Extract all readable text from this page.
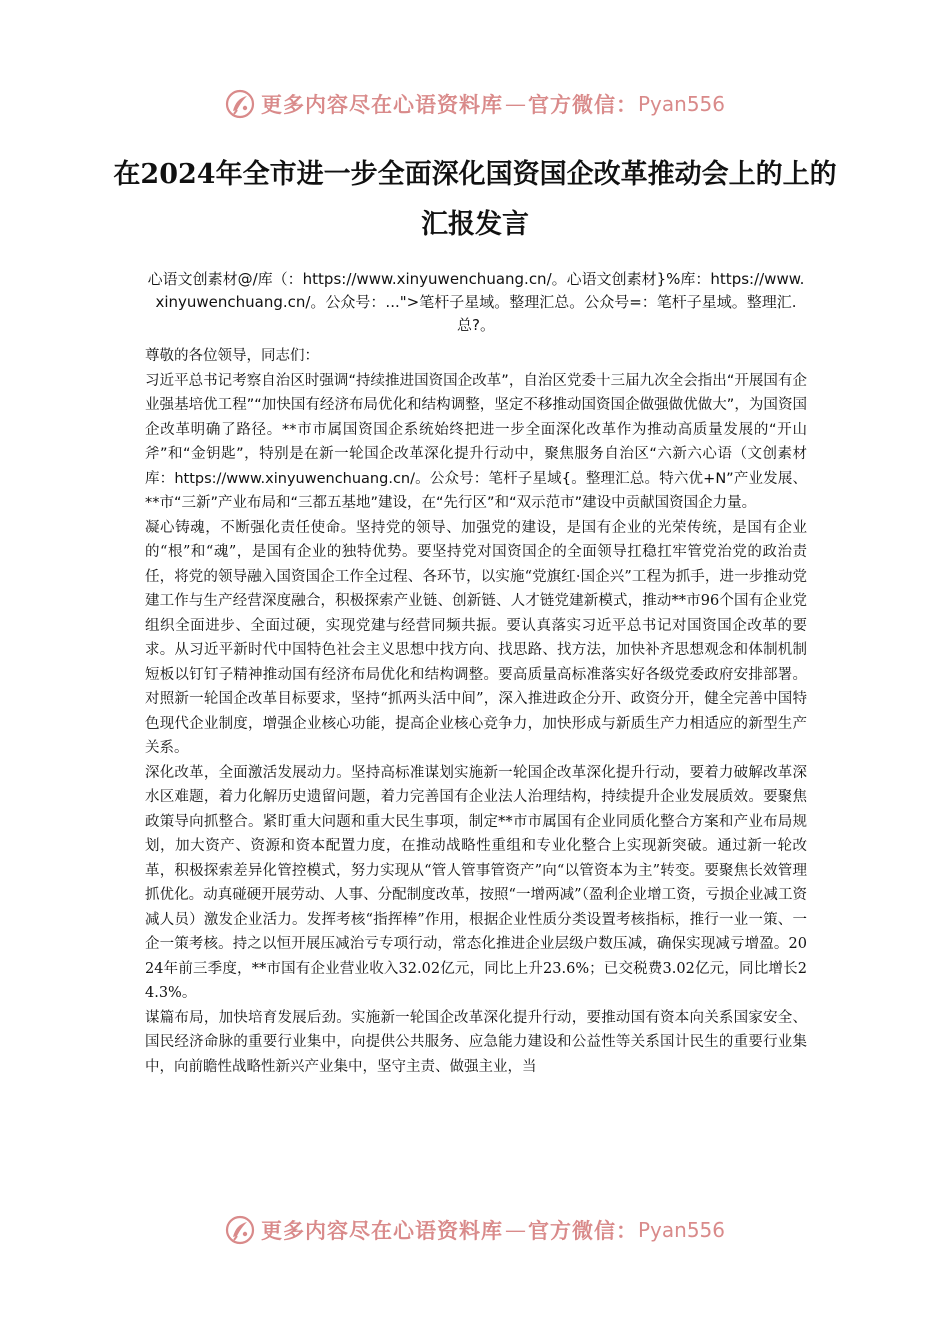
更多内容尽在心语资料库 — 官方微信： Pyan556
在2024年全市进一步全面深化国资国企改革推动会上的上的汇报发言
心语文创素材@/库（：https://www.xinyuwenchuang.cn/。心语文创素材}%库：https://www.xinyuwenchuang.cn/。公众号：...">笔杆子星域。整理汇总。公众号=：笔杆子星域。整理汇.总?。

尊敬的各位领导，同志们：

习近平总书记考察自治区时强调“持续推进国资国企改革”，自治区党委十三届九次全会指出“开展国有企业强基培优工程”“加快国有经济布局优化和结构调整，坚定不移推动国资国企做强做优做大”，为国资国企改革明确了路径。**市市属国资国企系统始终把进一步全面深化改革作为推动高质量发展的“开山斧”和“金钥匙”，特别是在新一轮国企改革深化提升行动中，聚焦服务自治区“六新六心语（文创素材库：https://www.xinyuwenchuang.cn/。公众号：笔杆子星域{。整理汇总。特六优+N”产业发展、**市“三新”产业布局和“三都五基地”建设，在“先行区”和“双示范市”建设中贡献国资国企力量。

凝心铸魂，不断强化责任使命。坚持党的领导、加强党的建设，是国有企业的光荣传统，是国有企业的“根”和“魂”，是国有企业的独特优势。要坚持党对国资国企的全面领导扛稳扛牢管党治党的政治责任，将党的领导融入国资国企工作全过程、各环节，以实施“党旗红·国企兴”工程为抓手，进一步推动党建工作与生产经营深度融合，积极探索产业链、创新链、人才链党建新模式，推动**市96个国有企业党组织全面进步、全面过硬，实现党建与经营同频共振。要认真落实习近平总书记对国资国企改革的要求。从习近平新时代中国特色社会主义思想中找方向、找思路、找方法，加快补齐思想观念和体制机制短板以钉钉子精神推动国有经济布局优化和结构调整。要高质量高标准落实好各级党委政府安排部署。对照新一轮国企改革目标要求，坚持“抓两头活中间”，深入推进政企分开、政资分开，健全完善中国特色现代企业制度，增强企业核心功能，提高企业核心竞争力，加快形成与新质生产力相适应的新型生产关系。

深化改革，全面激活发展动力。坚持高标准谋划实施新一轮国企改革深化提升行动，要着力破解改革深水区难题，着力化解历史遗留问题，着力完善国有企业法人治理结构，持续提升企业发展质效。要聚焦政策导向抓整合。紧盯重大问题和重大民生事项，制定**市市属国有企业同质化整合方案和产业布局规划，加大资产、资源和资本配置力度，在推动战略性重组和专业化整合上实现新突破。通过新一轮改革，积极探索差异化管控模式，努力实现从“管人管事管资产”向“以管资本为主”转变。要聚焦长效管理抓优化。动真碰硬开展劳动、人事、分配制度改革，按照“一增两减”（盈利企业增工资，亏损企业减工资减人员）激发企业活力。发挥考核“指挥棒”作用，根据企业性质分类设置考核指标，推行一业一策、一企一策考核。持之以恒开展压减治亏专项行动，常态化推进企业层级户数压减，确保实现减亏增盈。2024年前三季度，**市国有企业营业收入32.02亿元，同比上升23.6%；已交税费3.02亿元，同比增长24.3%。

谋篇布局，加快培育发展后劲。实施新一轮国企改革深化提升行动，要推动国有资本向关系国家安全、国民经济命脉的重要行业集中，向提供公共服务、应急能力建设和公益性等关系国计民生的重要行业集中，向前瞻性战略性新兴产业集中，坚守主责、做强主业，当

更多内容尽在心语资料库 — 官方微信： Pyan556
